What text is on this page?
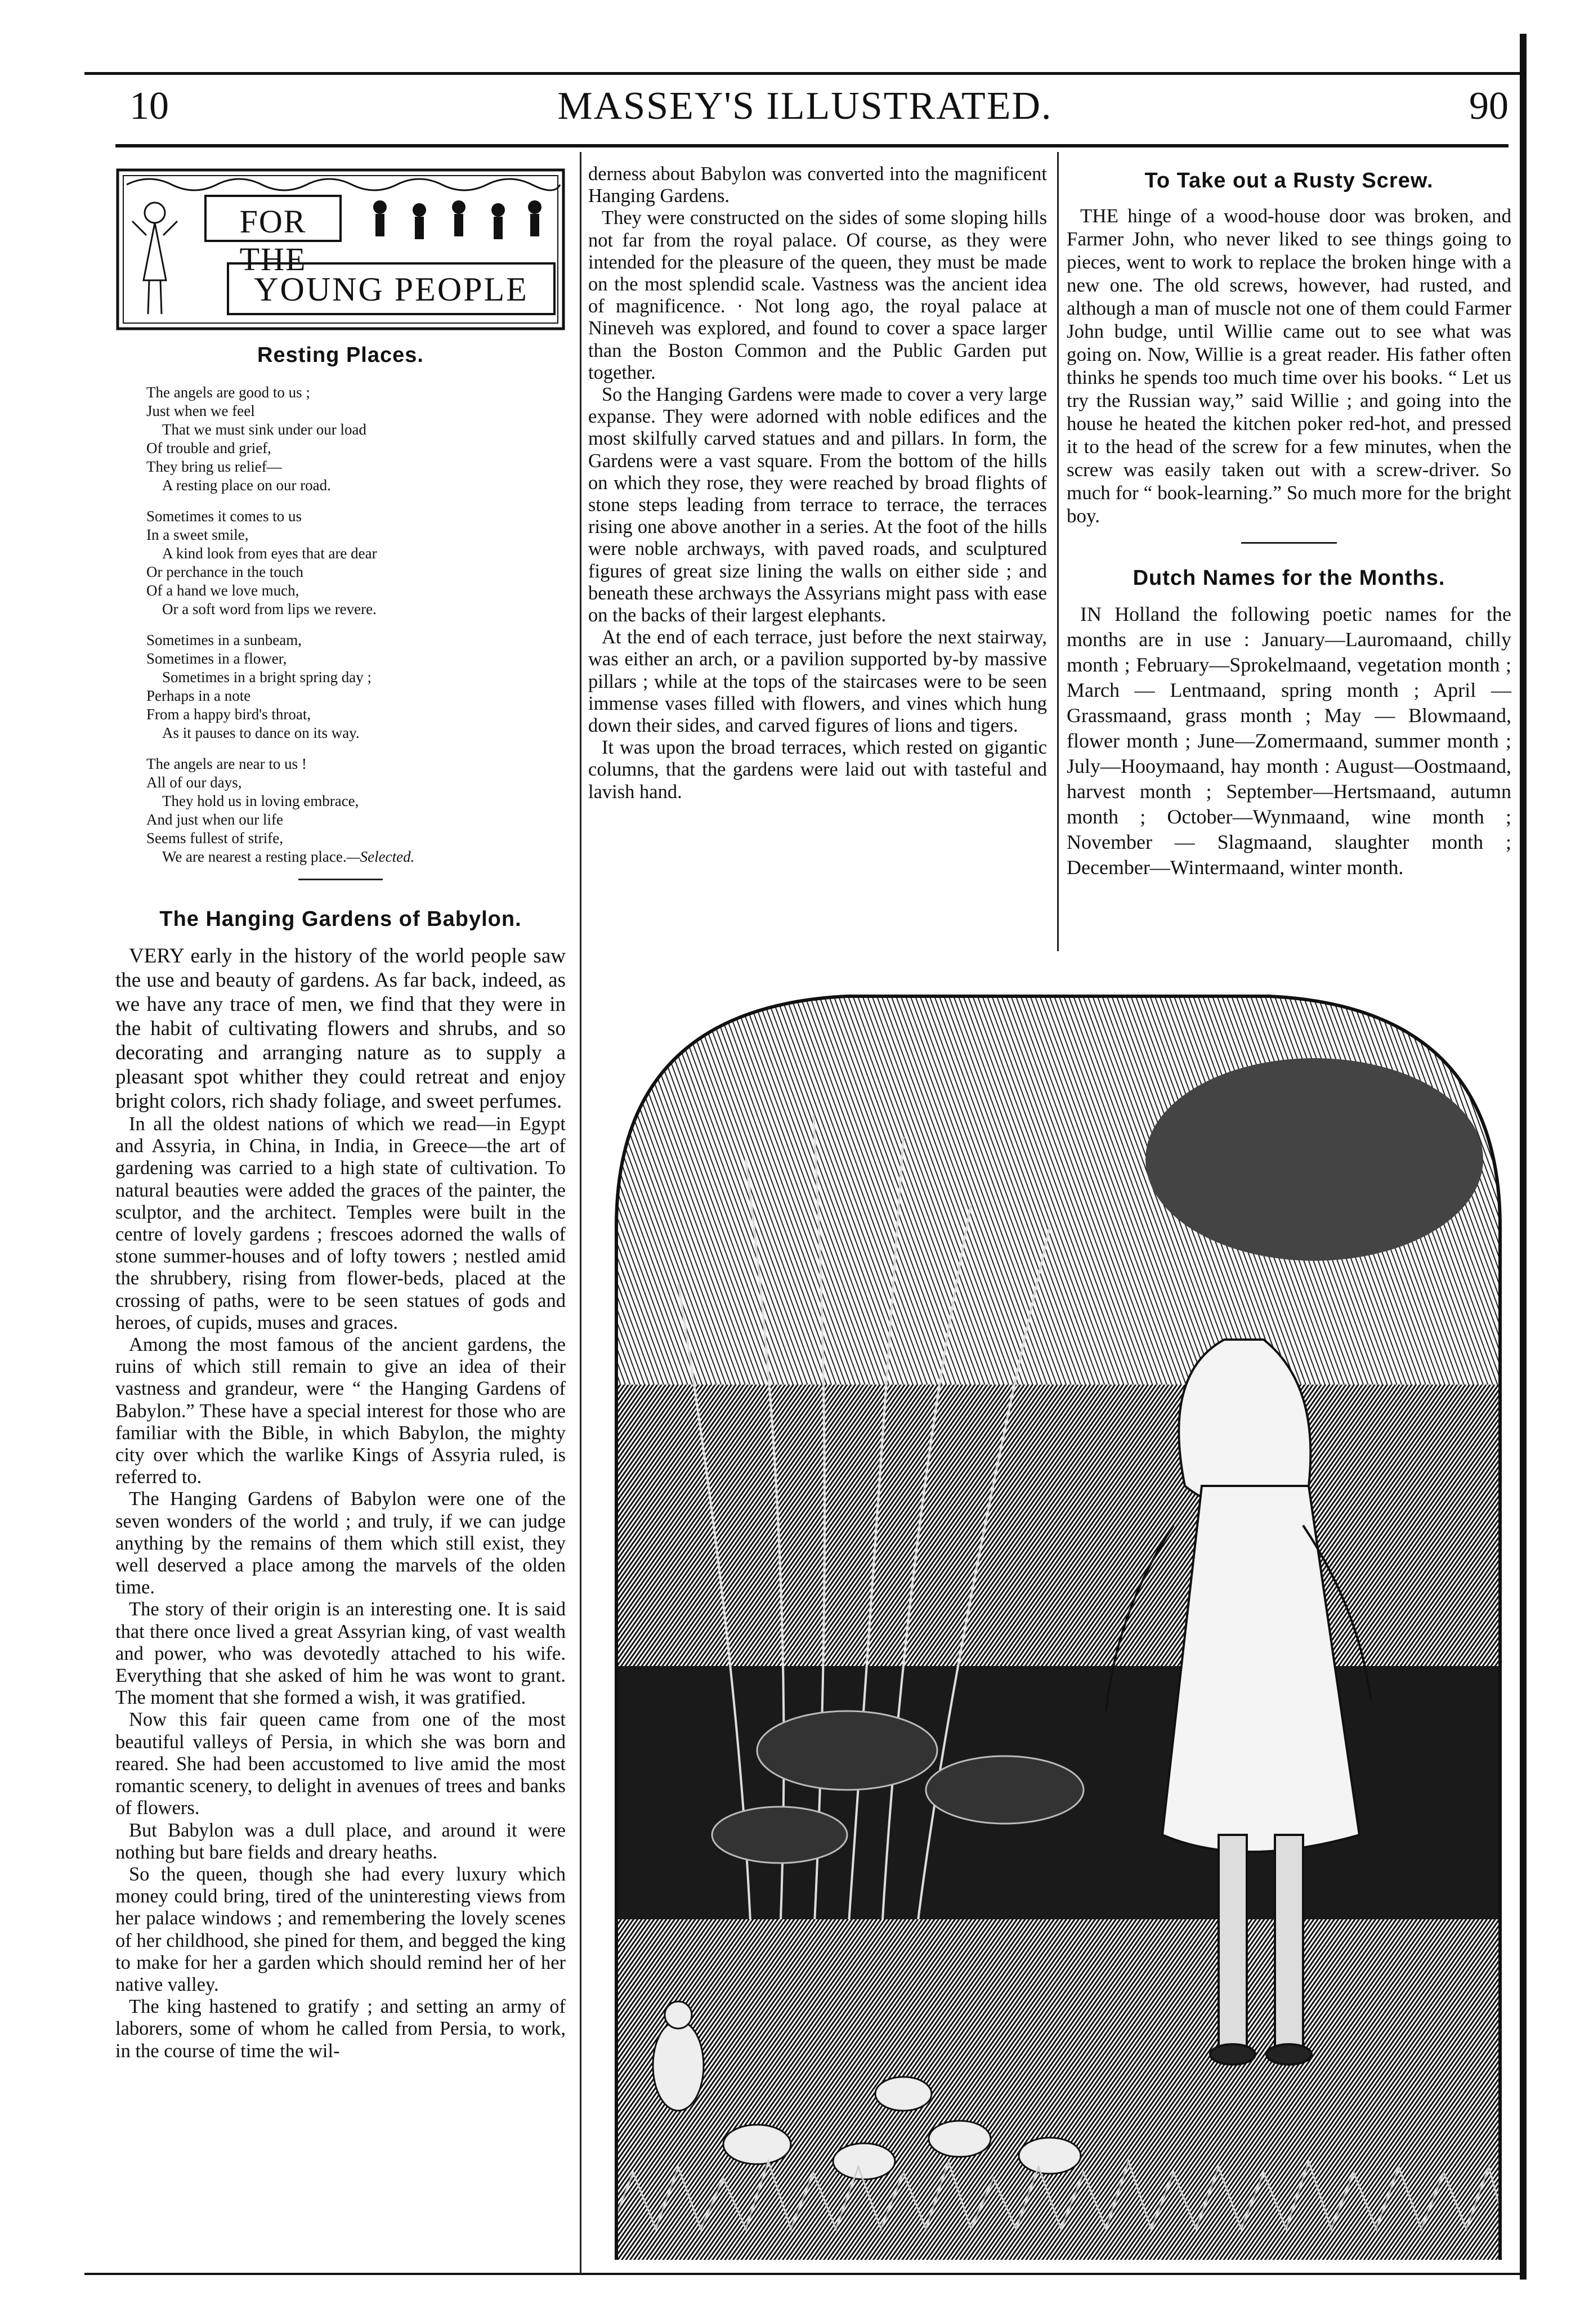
10	MASSEY'S ILLUSTRATED.	90
FOR THE
YOUNG PEOPLE
Resting Places.
The angels are good to us ;
Just when we feel
That we must sink under our load
Of trouble and grief,
They bring us relief—
A resting place on our road.
Sometimes it comes to us
In a sweet smile,
A kind look from eyes that are dear
Or perchance in the touch
Of a hand we love much,
Or a soft word from lips we revere.
Sometimes in a sunbeam,
Sometimes in a flower,
Sometimes in a bright spring day ;
Perhaps in a note
From a happy bird's throat,
As it pauses to dance on its way.
The angels are near to us !
All of our days,
They hold us in loving embrace,
And just when our life
Seems fullest of strife,
We are nearest a resting place.—Selected.
The Hanging Gardens of Babylon.

VERY early in the history of the world people saw the use and beauty of gardens. As far back, indeed, as we have any trace of men, we find that they were in the habit of cultivating flowers and shrubs, and so decorating and arranging nature as to supply a pleasant spot whither they could retreat and enjoy bright colors, rich shady foliage, and sweet perfumes.

In all the oldest nations of which we read—in Egypt and Assyria, in China, in India, in Greece—the art of gardening was carried to a high state of cultivation. To natural beauties were added the graces of the painter, the sculptor, and the architect. Temples were built in the centre of lovely gardens ; frescoes adorned the walls of stone summer-houses and of lofty towers ; nestled amid the shrubbery, rising from flower-beds, placed at the crossing of paths, were to be seen statues of gods and heroes, of cupids, muses and graces.

Among the most famous of the ancient gardens, the ruins of which still remain to give an idea of their vastness and grandeur, were “ the Hanging Gardens of Babylon.” These have a special interest for those who are familiar with the Bible, in which Babylon, the mighty city over which the warlike Kings of Assyria ruled, is referred to.

The Hanging Gardens of Babylon were one of the seven wonders of the world ; and truly, if we can judge anything by the remains of them which still exist, they well deserved a place among the marvels of the olden time.

The story of their origin is an interesting one. It is said that there once lived a great Assyrian king, of vast wealth and power, who was devotedly attached to his wife. Everything that she asked of him he was wont to grant. The moment that she formed a wish, it was gratified.

Now this fair queen came from one of the most beautiful valleys of Persia, in which she was born and reared. She had been accustomed to live amid the most romantic scenery, to delight in avenues of trees and banks of flowers.

But Babylon was a dull place, and around it were nothing but bare fields and dreary heaths.

So the queen, though she had every luxury which money could bring, tired of the uninteresting views from her palace windows ; and remembering the lovely scenes of her childhood, she pined for them, and begged the king to make for her a garden which should remind her of her native valley.

The king hastened to gratify ; and setting an army of laborers, some of whom he called from Persia, to work, in the course of time the wil-

derness about Babylon was converted into the magnificent Hanging Gardens.

They were constructed on the sides of some sloping hills not far from the royal palace. Of course, as they were intended for the pleasure of the queen, they must be made on the most splendid scale. Vastness was the ancient idea of magnificence. · Not long ago, the royal palace at Nineveh was explored, and found to cover a space larger than the Boston Common and the Public Garden put together.

So the Hanging Gardens were made to cover a very large expanse. They were adorned with noble edifices and the most skilfully carved statues and and pillars. In form, the Gardens were a vast square. From the bottom of the hills on which they rose, they were reached by broad flights of stone steps leading from terrace to terrace, the terraces rising one above another in a series. At the foot of the hills were noble archways, with paved roads, and sculptured figures of great size lining the walls on either side ; and beneath these archways the Assyrians might pass with ease on the backs of their largest elephants.

At the end of each terrace, just before the next stairway, was either an arch, or a pavilion supported by-by massive pillars ; while at the tops of the staircases were to be seen immense vases filled with flowers, and vines which hung down their sides, and carved figures of lions and tigers.

It was upon the broad terraces, which rested on gigantic columns, that the gardens were laid out with tasteful and lavish hand.

To Take out a Rusty Screw.

THE hinge of a wood-house door was broken, and Farmer John, who never liked to see things going to pieces, went to work to replace the broken hinge with a new one. The old screws, however, had rusted, and although a man of muscle not one of them could Farmer John budge, until Willie came out to see what was going on. Now, Willie is a great reader. His father often thinks he spends too much time over his books. “ Let us try the Russian way,” said Willie ; and going into the house he heated the kitchen poker red-hot, and pressed it to the head of the screw for a few minutes, when the screw was easily taken out with a screw-driver. So much for “ book-learning.” So much more for the bright boy.

Dutch Names for the Months.

IN Holland the following poetic names for the months are in use : January—Lauromaand, chilly month ; February—Sprokelmaand, vegetation month ; March — Lentmaand, spring month ; April — Grassmaand, grass month ; May — Blowmaand, flower month ; June—Zomermaand, summer month ; July—Hooymaand, hay month : August—Oostmaand, harvest month ; September—Hertsmaand, autumn month ; October—Wynmaand, wine month ; November — Slagmaand, slaughter month ; December—Wintermaand, winter month.
